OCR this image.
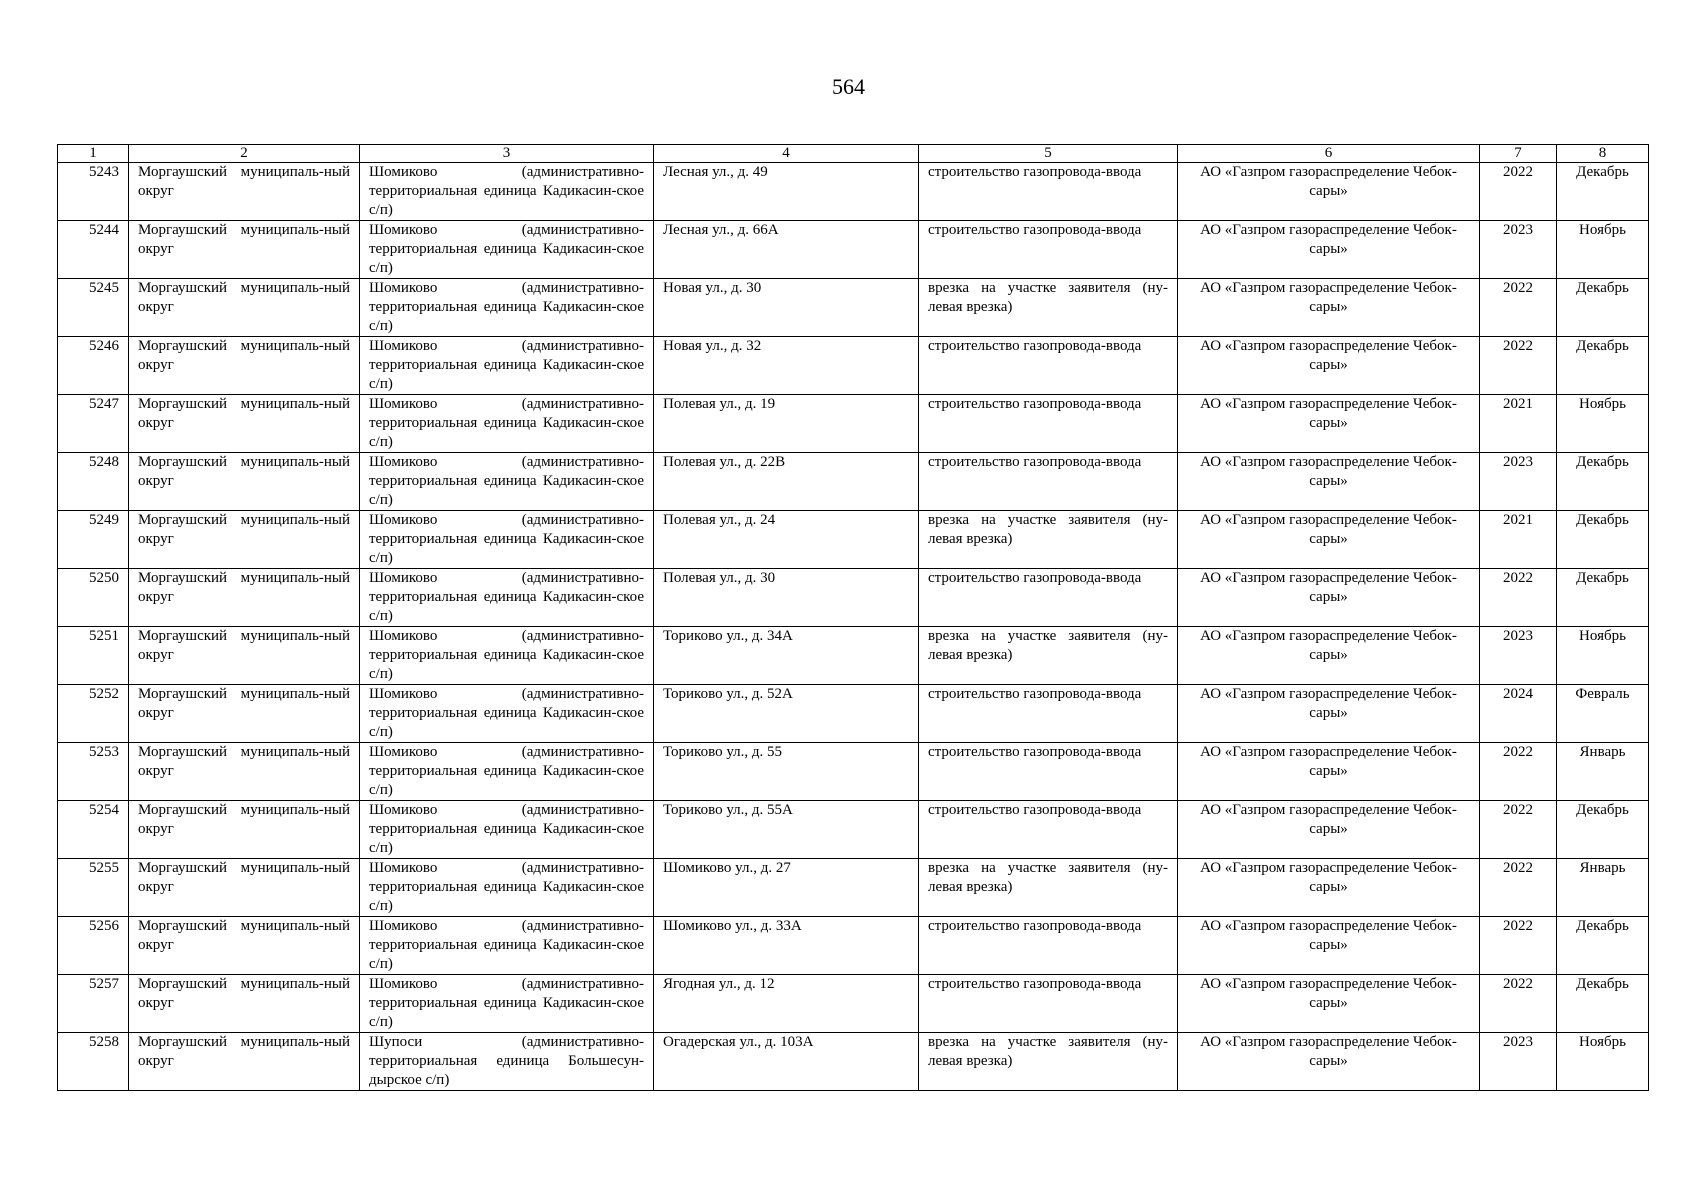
564
1	2	3	4	5	6	7	8
5243	Моргаушский муниципаль-ный округ	Шомиково (административно-территориальная единица Кадикасин-ское с/п)	Лесная ул., д. 49	строительство газопровода-ввода	АО «Газпром газораспределение Чебок-сары»	2022	Декабрь
5244	Моргаушский муниципаль-ный округ	Шомиково (административно-территориальная единица Кадикасин-ское с/п)	Лесная ул., д. 66А	строительство газопровода-ввода	АО «Газпром газораспределение Чебок-сары»	2023	Ноябрь
5245	Моргаушский муниципаль-ный округ	Шомиково (административно-территориальная единица Кадикасин-ское с/п)	Новая ул., д. 30	врезка на участке заявителя (ну-левая врезка)	АО «Газпром газораспределение Чебок-сары»	2022	Декабрь
5246	Моргаушский муниципаль-ный округ	Шомиково (административно-территориальная единица Кадикасин-ское с/п)	Новая ул., д. 32	строительство газопровода-ввода	АО «Газпром газораспределение Чебок-сары»	2022	Декабрь
5247	Моргаушский муниципаль-ный округ	Шомиково (административно-территориальная единица Кадикасин-ское с/п)	Полевая ул., д. 19	строительство газопровода-ввода	АО «Газпром газораспределение Чебок-сары»	2021	Ноябрь
5248	Моргаушский муниципаль-ный округ	Шомиково (административно-территориальная единица Кадикасин-ское с/п)	Полевая ул., д. 22В	строительство газопровода-ввода	АО «Газпром газораспределение Чебок-сары»	2023	Декабрь
5249	Моргаушский муниципаль-ный округ	Шомиково (административно-территориальная единица Кадикасин-ское с/п)	Полевая ул., д. 24	врезка на участке заявителя (ну-левая врезка)	АО «Газпром газораспределение Чебок-сары»	2021	Декабрь
5250	Моргаушский муниципаль-ный округ	Шомиково (административно-территориальная единица Кадикасин-ское с/п)	Полевая ул., д. 30	строительство газопровода-ввода	АО «Газпром газораспределение Чебок-сары»	2022	Декабрь
5251	Моргаушский муниципаль-ный округ	Шомиково (административно-территориальная единица Кадикасин-ское с/п)	Ториково ул., д. 34А	врезка на участке заявителя (ну-левая врезка)	АО «Газпром газораспределение Чебок-сары»	2023	Ноябрь
5252	Моргаушский муниципаль-ный округ	Шомиково (административно-территориальная единица Кадикасин-ское с/п)	Ториково ул., д. 52А	строительство газопровода-ввода	АО «Газпром газораспределение Чебок-сары»	2024	Февраль
5253	Моргаушский муниципаль-ный округ	Шомиково (административно-территориальная единица Кадикасин-ское с/п)	Ториково ул., д. 55	строительство газопровода-ввода	АО «Газпром газораспределение Чебок-сары»	2022	Январь
5254	Моргаушский муниципаль-ный округ	Шомиково (административно-территориальная единица Кадикасин-ское с/п)	Ториково ул., д. 55А	строительство газопровода-ввода	АО «Газпром газораспределение Чебок-сары»	2022	Декабрь
5255	Моргаушский муниципаль-ный округ	Шомиково (административно-территориальная единица Кадикасин-ское с/п)	Шомиково ул., д. 27	врезка на участке заявителя (ну-левая врезка)	АО «Газпром газораспределение Чебок-сары»	2022	Январь
5256	Моргаушский муниципаль-ный округ	Шомиково (административно-территориальная единица Кадикасин-ское с/п)	Шомиково ул., д. 33А	строительство газопровода-ввода	АО «Газпром газораспределение Чебок-сары»	2022	Декабрь
5257	Моргаушский муниципаль-ный округ	Шомиково (административно-территориальная единица Кадикасин-ское с/п)	Ягодная ул., д. 12	строительство газопровода-ввода	АО «Газпром газораспределение Чебок-сары»	2022	Декабрь
5258	Моргаушский муниципаль-ный округ	Шупоси (административно-территориальная единица Большесун-дырское с/п)	Огадерская ул., д. 103А	врезка на участке заявителя (ну-левая врезка)	АО «Газпром газораспределение Чебок-сары»	2023	Ноябрь
